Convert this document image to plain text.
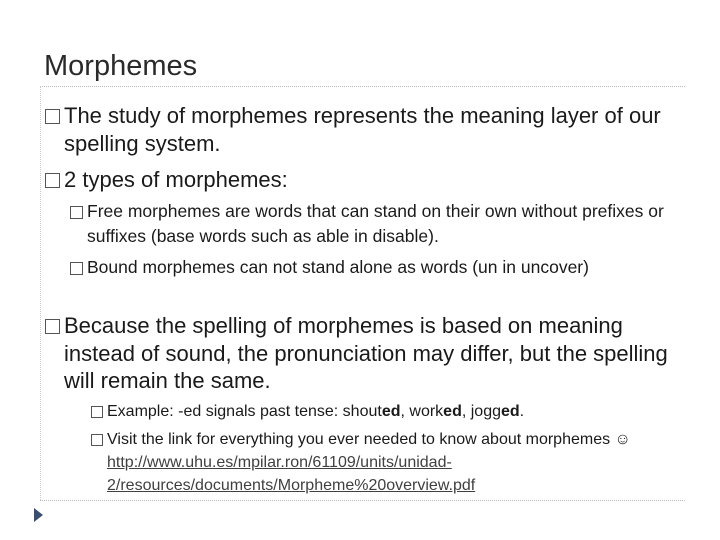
Morphemes
The study of morphemes represents the meaning layer of our spelling system.
2 types of morphemes:
Free morphemes are words that can stand on their own without prefixes or suffixes (base words such as able in disable).
Bound morphemes can not stand alone as words (un in uncover)
Because the spelling of morphemes is based on meaning instead of sound, the pronunciation may differ, but the spelling will remain the same.
Example: -ed signals past tense: shouted, worked, jogged.
Visit the link for everything you ever needed to know about morphemes ☺ http://www.uhu.es/mpilar.ron/61109/units/unidad-2/resources/documents/Morpheme%20overview.pdf
